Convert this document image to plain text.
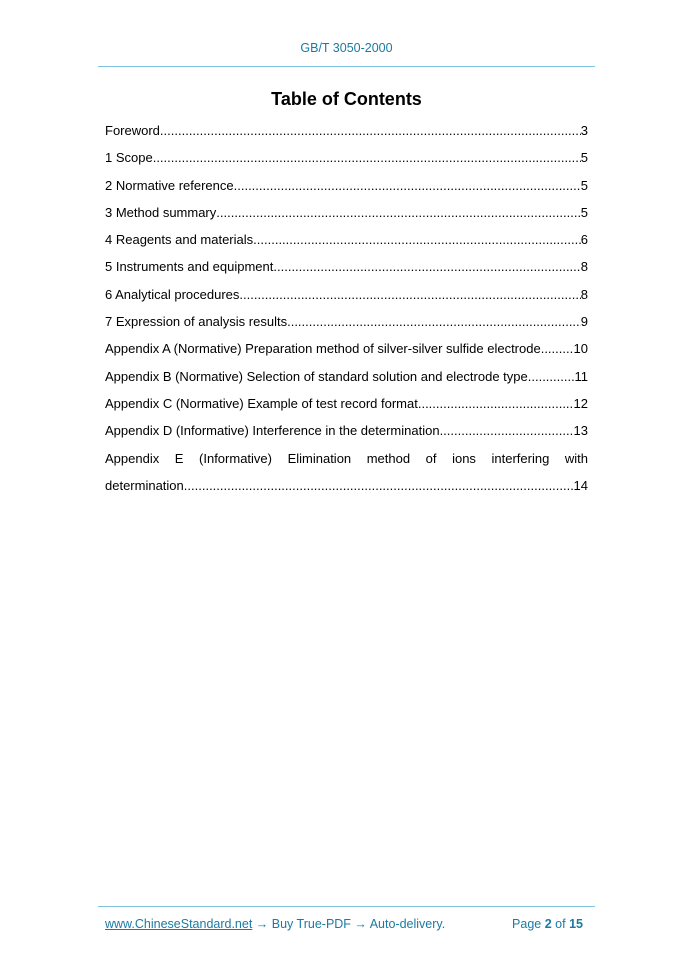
GB/T 3050-2000
Table of Contents
Foreword .....	3
1 Scope .....	5
2 Normative reference .....	5
3 Method summary .....	5
4 Reagents and materials .....	6
5 Instruments and equipment .....	8
6 Analytical procedures .....	8
7 Expression of analysis results .....	9
Appendix A (Normative) Preparation method of silver-silver sulfide electrode .....	10
Appendix B (Normative) Selection of standard solution and electrode type .....	11
Appendix C (Normative) Example of test record format .....	12
Appendix D (Informative) Interference in the determination .....	13
Appendix E (Informative) Elimination method of ions interfering with
determination .....	14
www.ChineseStandard.net → Buy True-PDF → Auto-delivery.	Page 2 of 15
